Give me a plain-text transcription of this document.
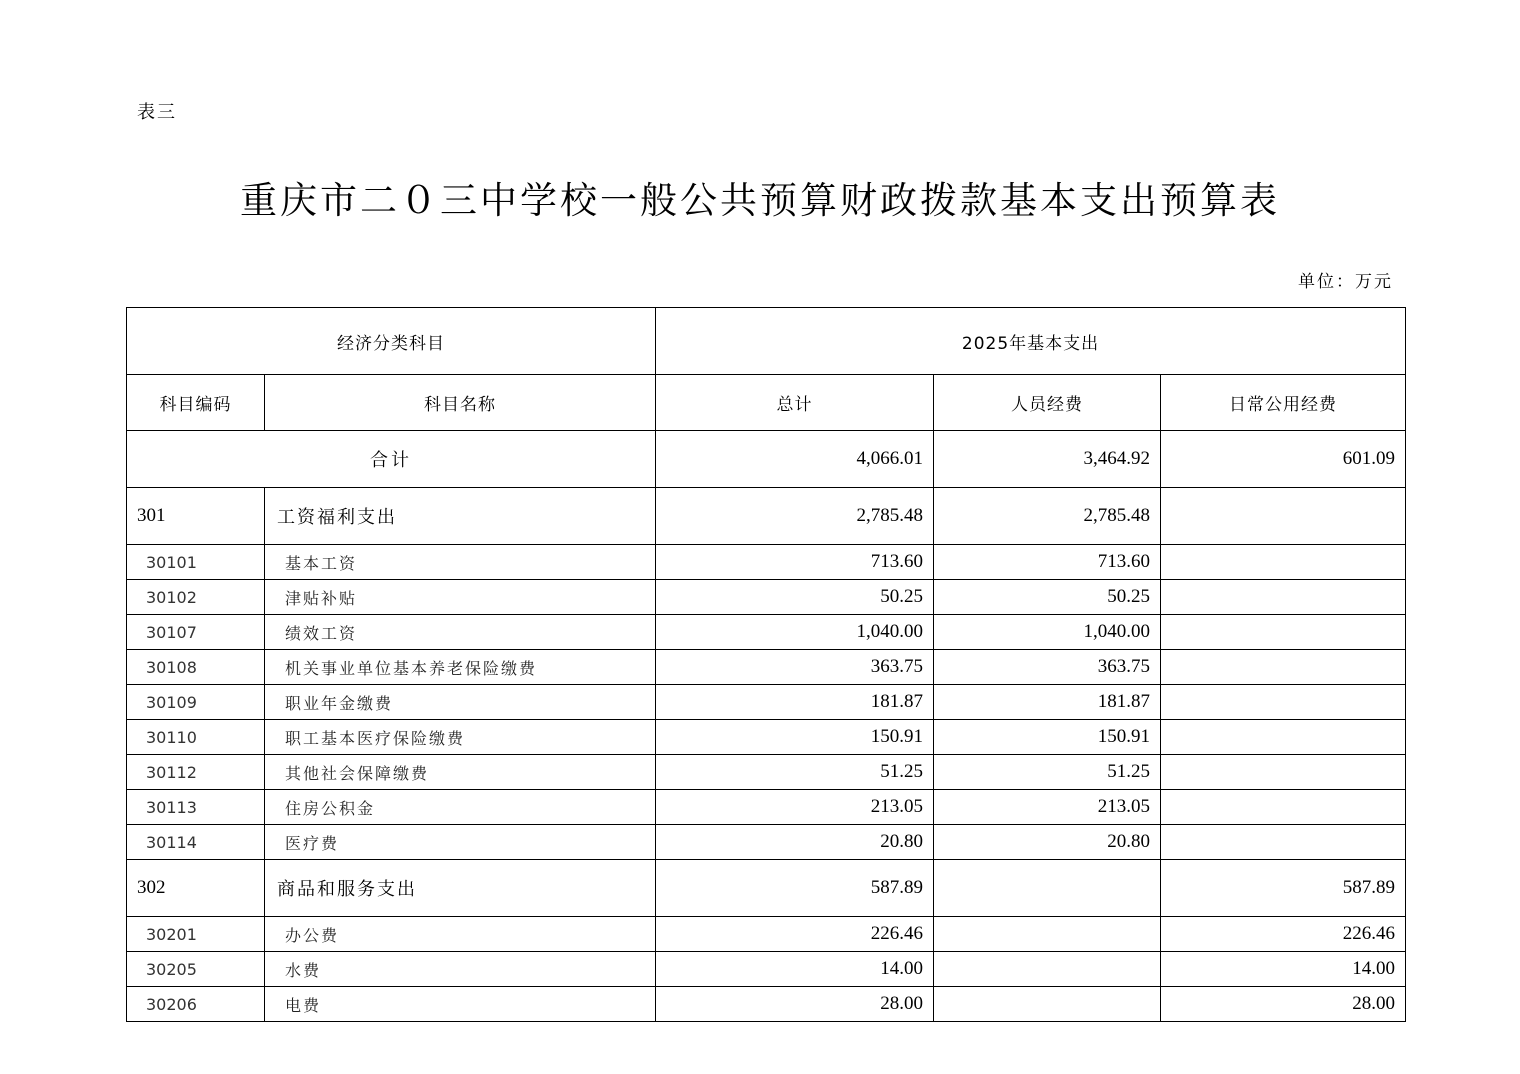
表三
重庆市二０三中学校一般公共预算财政拨款基本支出预算表
单位：万元
经济分类科目		2025年基本支出		
科目编码	科目名称	总计	人员经费	日常公用经费
合计		4,066.01	3,464.92	601.09
301	工资福利支出	2,785.48	2,785.48	
30101	基本工资	713.60	713.60	
30102	津贴补贴	50.25	50.25	
30107	绩效工资	1,040.00	1,040.00	
30108	机关事业单位基本养老保险缴费	363.75	363.75	
30109	职业年金缴费	181.87	181.87	
30110	职工基本医疗保险缴费	150.91	150.91	
30112	其他社会保障缴费	51.25	51.25	
30113	住房公积金	213.05	213.05	
30114	医疗费	20.80	20.80	
302	商品和服务支出	587.89		587.89
30201	办公费	226.46		226.46
30205	水费	14.00		14.00
30206	电费	28.00		28.00
